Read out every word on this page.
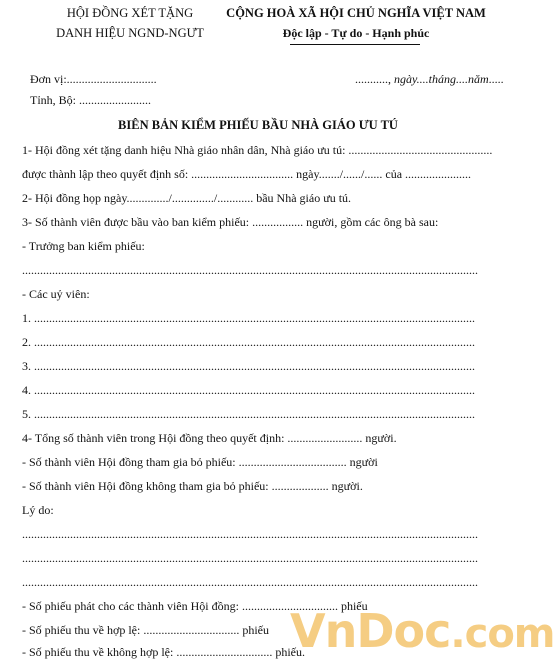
HỘI ĐỒNG XÉT TẶNG
DANH HIỆU NGND-NGƯT
CỘNG HOÀ XÃ HỘI CHỦ NGHĨA VIỆT NAM
Độc lập - Tự do - Hạnh phúc
Đơn vị:..............................	..........., ngày....tháng....năm.....
Tỉnh, Bộ: ........................
BIÊN BẢN KIỂM PHIẾU BẦU NHÀ GIÁO ƯU TÚ
1- Hội đồng xét tặng danh hiệu Nhà giáo nhân dân, Nhà giáo ưu tú: ................................................
được thành lập theo quyết định số: .................................. ngày......./....../...... của ......................
2- Hội đồng họp ngày............../............../............ bầu Nhà giáo ưu tú.
3- Số thành viên được bầu vào ban kiểm phiếu: ................. người, gồm các ông bà sau:
- Trưởng ban kiểm phiếu:
........................................................................................................................................................
- Các uỷ viên:
1. ...................................................................................................................................................
2. ...................................................................................................................................................
3. ...................................................................................................................................................
4. ...................................................................................................................................................
5. ...................................................................................................................................................
4- Tổng số thành viên trong Hội đồng theo quyết định: ......................... người.
- Số thành viên Hội đồng tham gia bỏ phiếu: .................................... người
- Số thành viên Hội đồng không tham gia bỏ phiếu: ................... người.
Lý do:
........................................................................................................................................................
........................................................................................................................................................
........................................................................................................................................................
- Số phiếu phát cho các thành viên Hội đồng: ................................ phiếu
- Số phiếu thu về hợp lệ: ................................ phiếu
- Số phiếu thu về không hợp lệ: ................................ phiếu.
VnDoc.com
